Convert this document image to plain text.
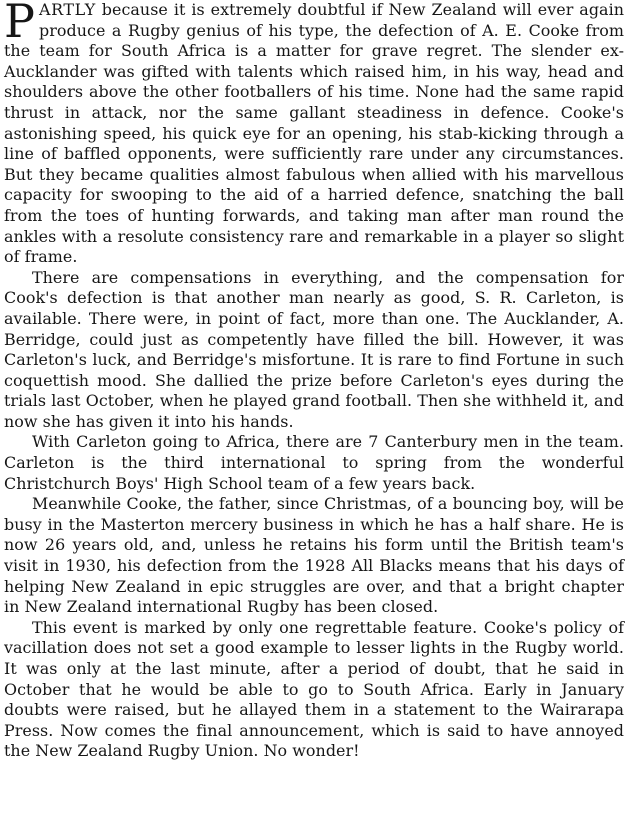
PARTLY because it is extremely doubtful if New Zealand will ever again produce a Rugby genius of his type, the defection of A. E. Cooke from the team for South Africa is a matter for grave regret. The slender ex-Aucklander was gifted with talents which raised him, in his way, head and shoulders above the other footballers of his time. None had the same rapid thrust in attack, nor the same gallant steadiness in defence. Cooke's astonishing speed, his quick eye for an opening, his stab-kicking through a line of baffled opponents, were sufficiently rare under any circumstances. But they became qualities almost fabulous when allied with his marvellous capacity for swooping to the aid of a harried defence, snatching the ball from the toes of hunting forwards, and taking man after man round the ankles with a resolute consistency rare and remarkable in a player so slight of frame.

There are compensations in everything, and the compensation for Cook's defection is that another man nearly as good, S. R. Carleton, is available. There were, in point of fact, more than one. The Aucklander, A. Berridge, could just as competently have filled the bill. However, it was Carleton's luck, and Berridge's misfortune. It is rare to find Fortune in such coquettish mood. She dallied the prize before Carleton's eyes during the trials last October, when he played grand football. Then she withheld it, and now she has given it into his hands.

With Carleton going to Africa, there are 7 Canterbury men in the team. Carleton is the third international to spring from the wonderful Christchurch Boys' High School team of a few years back.

Meanwhile Cooke, the father, since Christmas, of a bouncing boy, will be busy in the Masterton mercery business in which he has a half share. He is now 26 years old, and, unless he retains his form until the British team's visit in 1930, his defection from the 1928 All Blacks means that his days of helping New Zealand in epic struggles are over, and that a bright chapter in New Zealand international Rugby has been closed.

This event is marked by only one regrettable feature. Cooke's policy of vacillation does not set a good example to lesser lights in the Rugby world. It was only at the last minute, after a period of doubt, that he said in October that he would be able to go to South Africa. Early in January doubts were raised, but he allayed them in a statement to the Wairarapa Press. Now comes the final announcement, which is said to have annoyed the New Zealand Rugby Union. No wonder!
